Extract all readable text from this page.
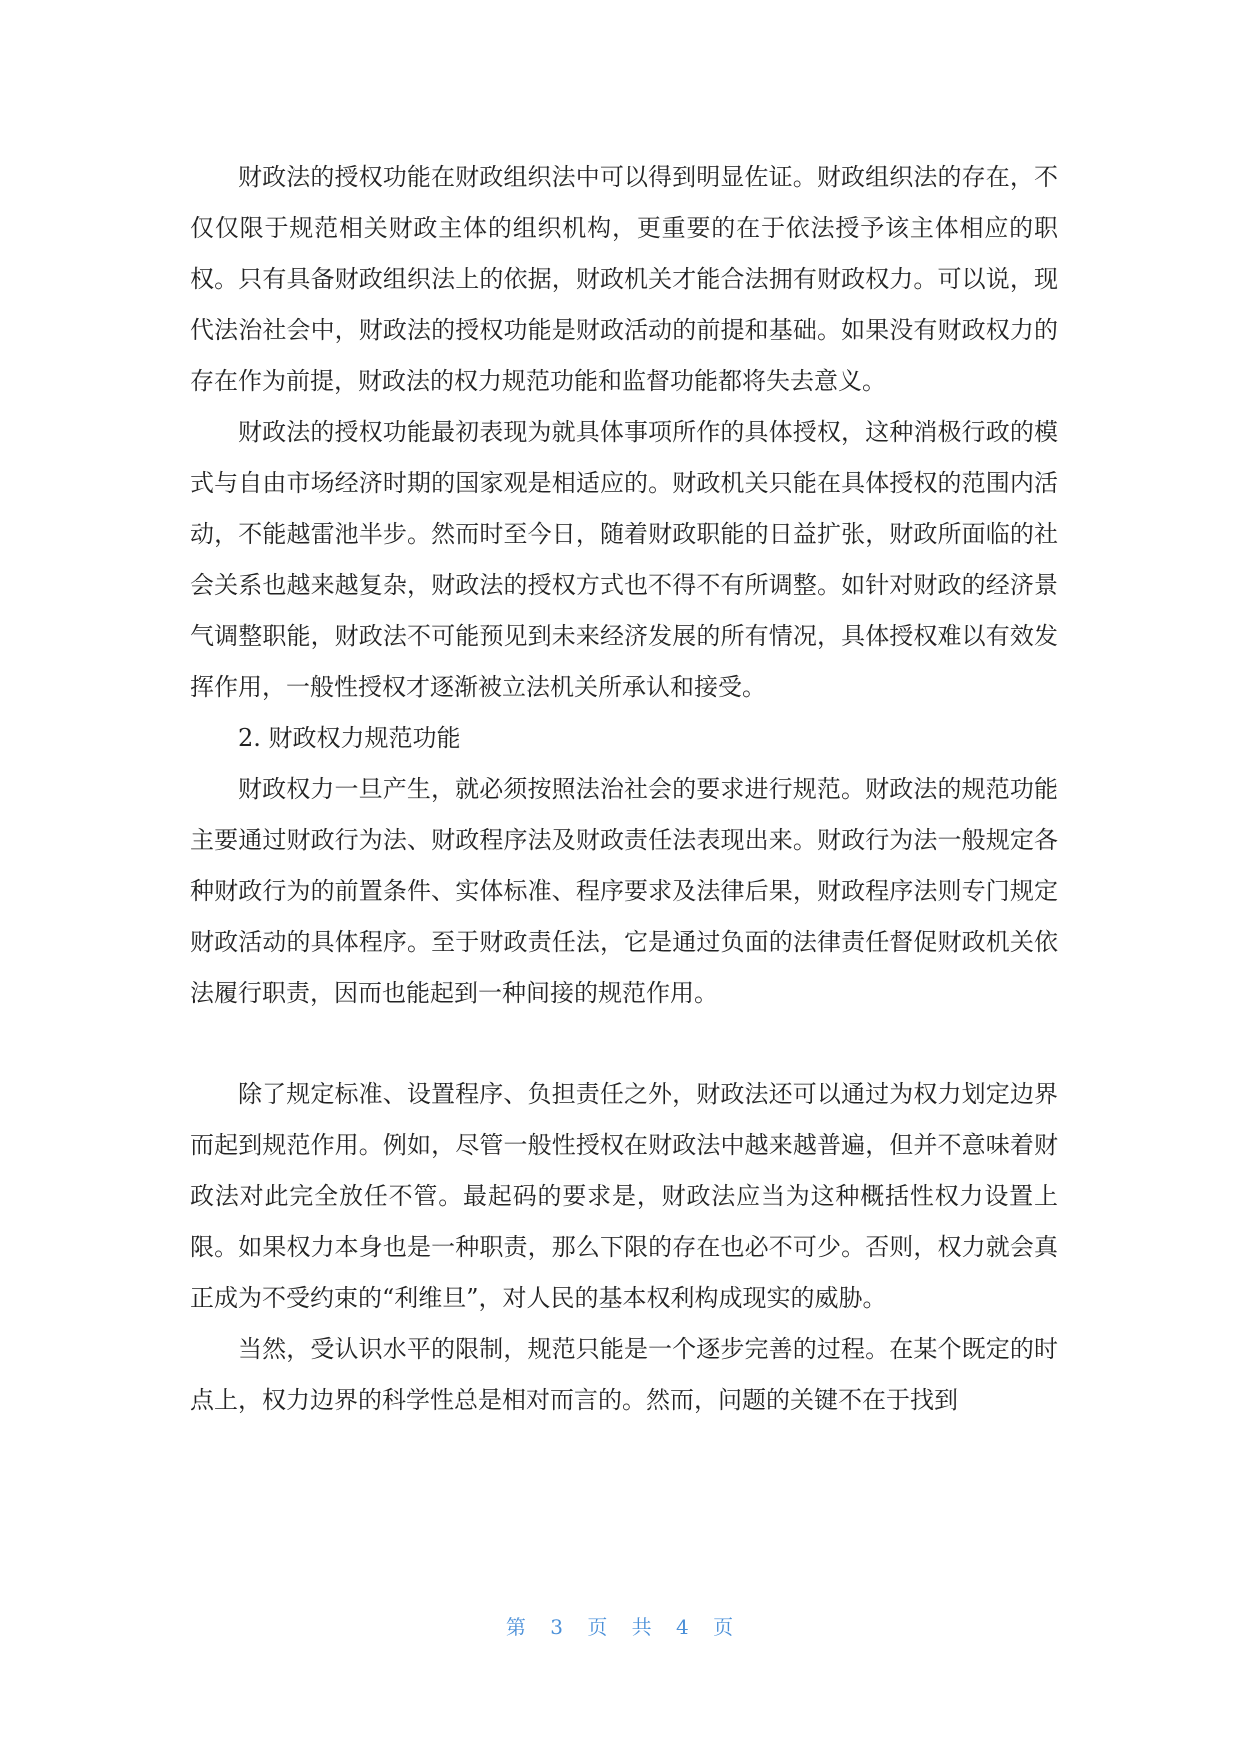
财政法的授权功能在财政组织法中可以得到明显佐证。财政组织法的存在，不仅仅限于规范相关财政主体的组织机构，更重要的在于依法授予该主体相应的职权。只有具备财政组织法上的依据，财政机关才能合法拥有财政权力。可以说，现代法治社会中，财政法的授权功能是财政活动的前提和基础。如果没有财政权力的存在作为前提，财政法的权力规范功能和监督功能都将失去意义。

财政法的授权功能最初表现为就具体事项所作的具体授权，这种消极行政的模式与自由市场经济时期的国家观是相适应的。财政机关只能在具体授权的范围内活动，不能越雷池半步。然而时至今日，随着财政职能的日益扩张，财政所面临的社会关系也越来越复杂，财政法的授权方式也不得不有所调整。如针对财政的经济景气调整职能，财政法不可能预见到未来经济发展的所有情况，具体授权难以有效发挥作用，一般性授权才逐渐被立法机关所承认和接受。

2. 财政权力规范功能

财政权力一旦产生，就必须按照法治社会的要求进行规范。财政法的规范功能主要通过财政行为法、财政程序法及财政责任法表现出来。财政行为法一般规定各种财政行为的前置条件、实体标准、程序要求及法律后果，财政程序法则专门规定财政活动的具体程序。至于财政责任法，它是通过负面的法律责任督促财政机关依法履行职责，因而也能起到一种间接的规范作用。

除了规定标准、设置程序、负担责任之外，财政法还可以通过为权力划定边界而起到规范作用。例如，尽管一般性授权在财政法中越来越普遍，但并不意味着财政法对此完全放任不管。最起码的要求是，财政法应当为这种概括性权力设置上限。如果权力本身也是一种职责，那么下限的存在也必不可少。否则，权力就会真正成为不受约束的“利维旦”，对人民的基本权利构成现实的威胁。

当然，受认识水平的限制，规范只能是一个逐步完善的过程。在某个既定的时点上，权力边界的科学性总是相对而言的。然而，问题的关键不在于找到

第 3 页 共 4 页
